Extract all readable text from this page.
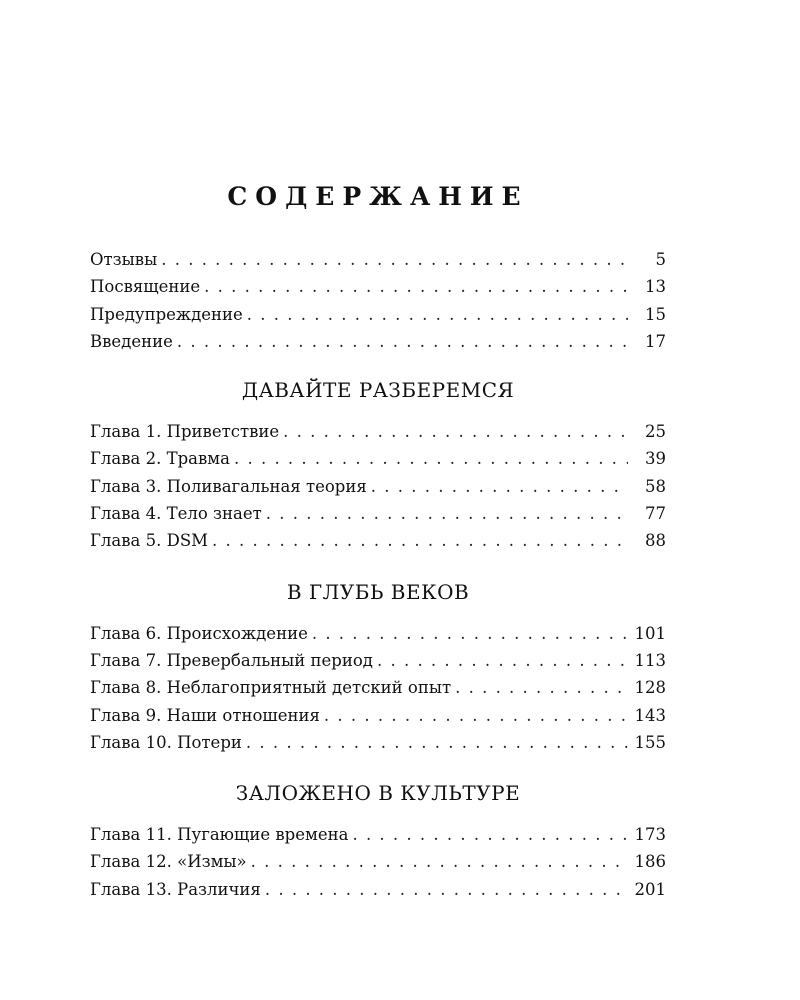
СОДЕРЖАНИЕ
Отзывы . . .	5
Посвящение . . .	13
Предупреждение . . .	15
Введение . . .	17
ДАВАЙТЕ РАЗБЕРЕМСЯ
Глава 1. Приветствие . . .	25
Глава 2. Травма . . .	39
Глава 3. Поливагальная теория . . .	58
Глава 4. Тело знает . . .	77
Глава 5. DSM . . .	88
В ГЛУБЬ ВЕКОВ
Глава 6. Происхождение . . .	101
Глава 7. Превербальный период . . .	113
Глава 8. Неблагоприятный детский опыт . . .	128
Глава 9. Наши отношения . . .	143
Глава 10. Потери . . .	155
ЗАЛОЖЕНО В КУЛЬТУРЕ
Глава 11. Пугающие времена . . .	173
Глава 12. «Измы» . . .	186
Глава 13. Различия . . .	201
